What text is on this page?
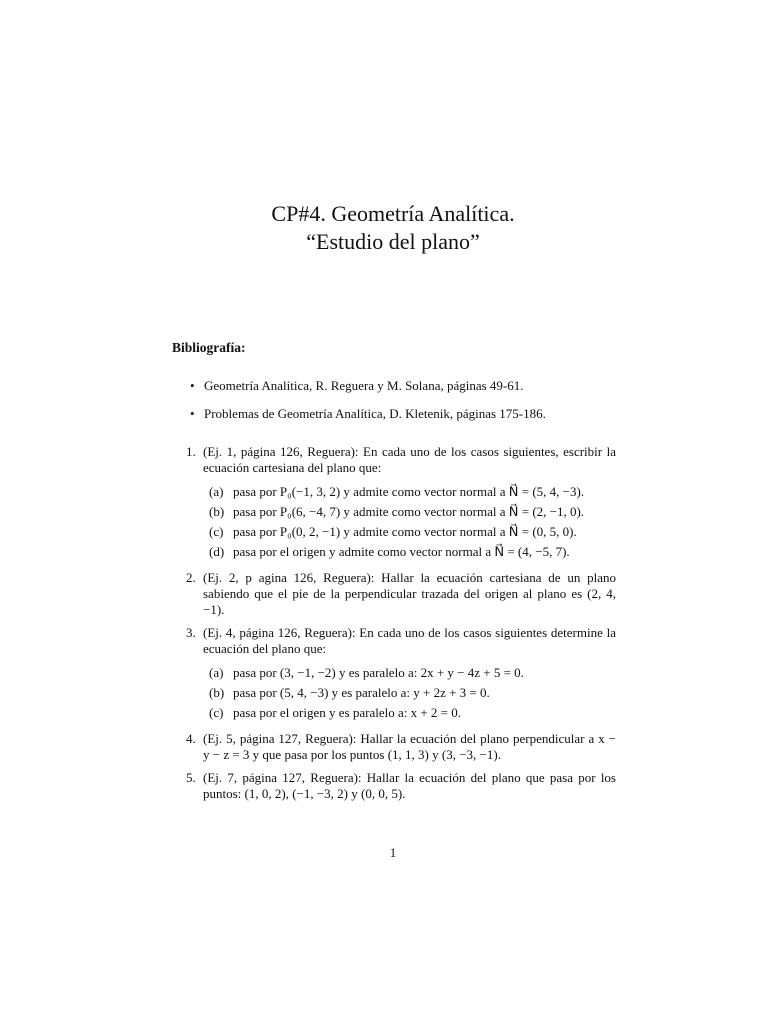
CP#4. Geometría Analítica.
“Estudio del plano”
Bibliografía:
• Geometría Analítica, R. Reguera y M. Solana, páginas 49-61.
• Problemas de Geometría Analítica, D. Kletenik, páginas 175-186.
1. (Ej. 1, página 126, Reguera): En cada uno de los casos siguientes, escribir la ecuación cartesiana del plano que:
(a) pasa por P₀(−1, 3, 2) y admite como vector normal a N⃗ = (5, 4, −3).
(b) pasa por P₀(6, −4, 7) y admite como vector normal a N⃗ = (2, −1, 0).
(c) pasa por P₀(0, 2, −1) y admite como vector normal a N⃗ = (0, 5, 0).
(d) pasa por el origen y admite como vector normal a N⃗ = (4, −5, 7).
2. (Ej. 2, p agina 126, Reguera): Hallar la ecuación cartesiana de un plano sabiendo que el pie de la perpendicular trazada del origen al plano es (2, 4, −1).
3. (Ej. 4, página 126, Reguera): En cada uno de los casos siguientes determine la ecuación del plano que:
(a) pasa por (3, −1, −2) y es paralelo a: 2x + y − 4z + 5 = 0.
(b) pasa por (5, 4, −3) y es paralelo a: y + 2z + 3 = 0.
(c) pasa por el origen y es paralelo a: x + 2 = 0.
4. (Ej. 5, página 127, Reguera): Hallar la ecuación del plano perpendicular a x − y − z = 3 y que pasa por los puntos (1, 1, 3) y (3, −3, −1).
5. (Ej. 7, página 127, Reguera): Hallar la ecuación del plano que pasa por los puntos: (1, 0, 2), (−1, −3, 2) y (0, 0, 5).
1
